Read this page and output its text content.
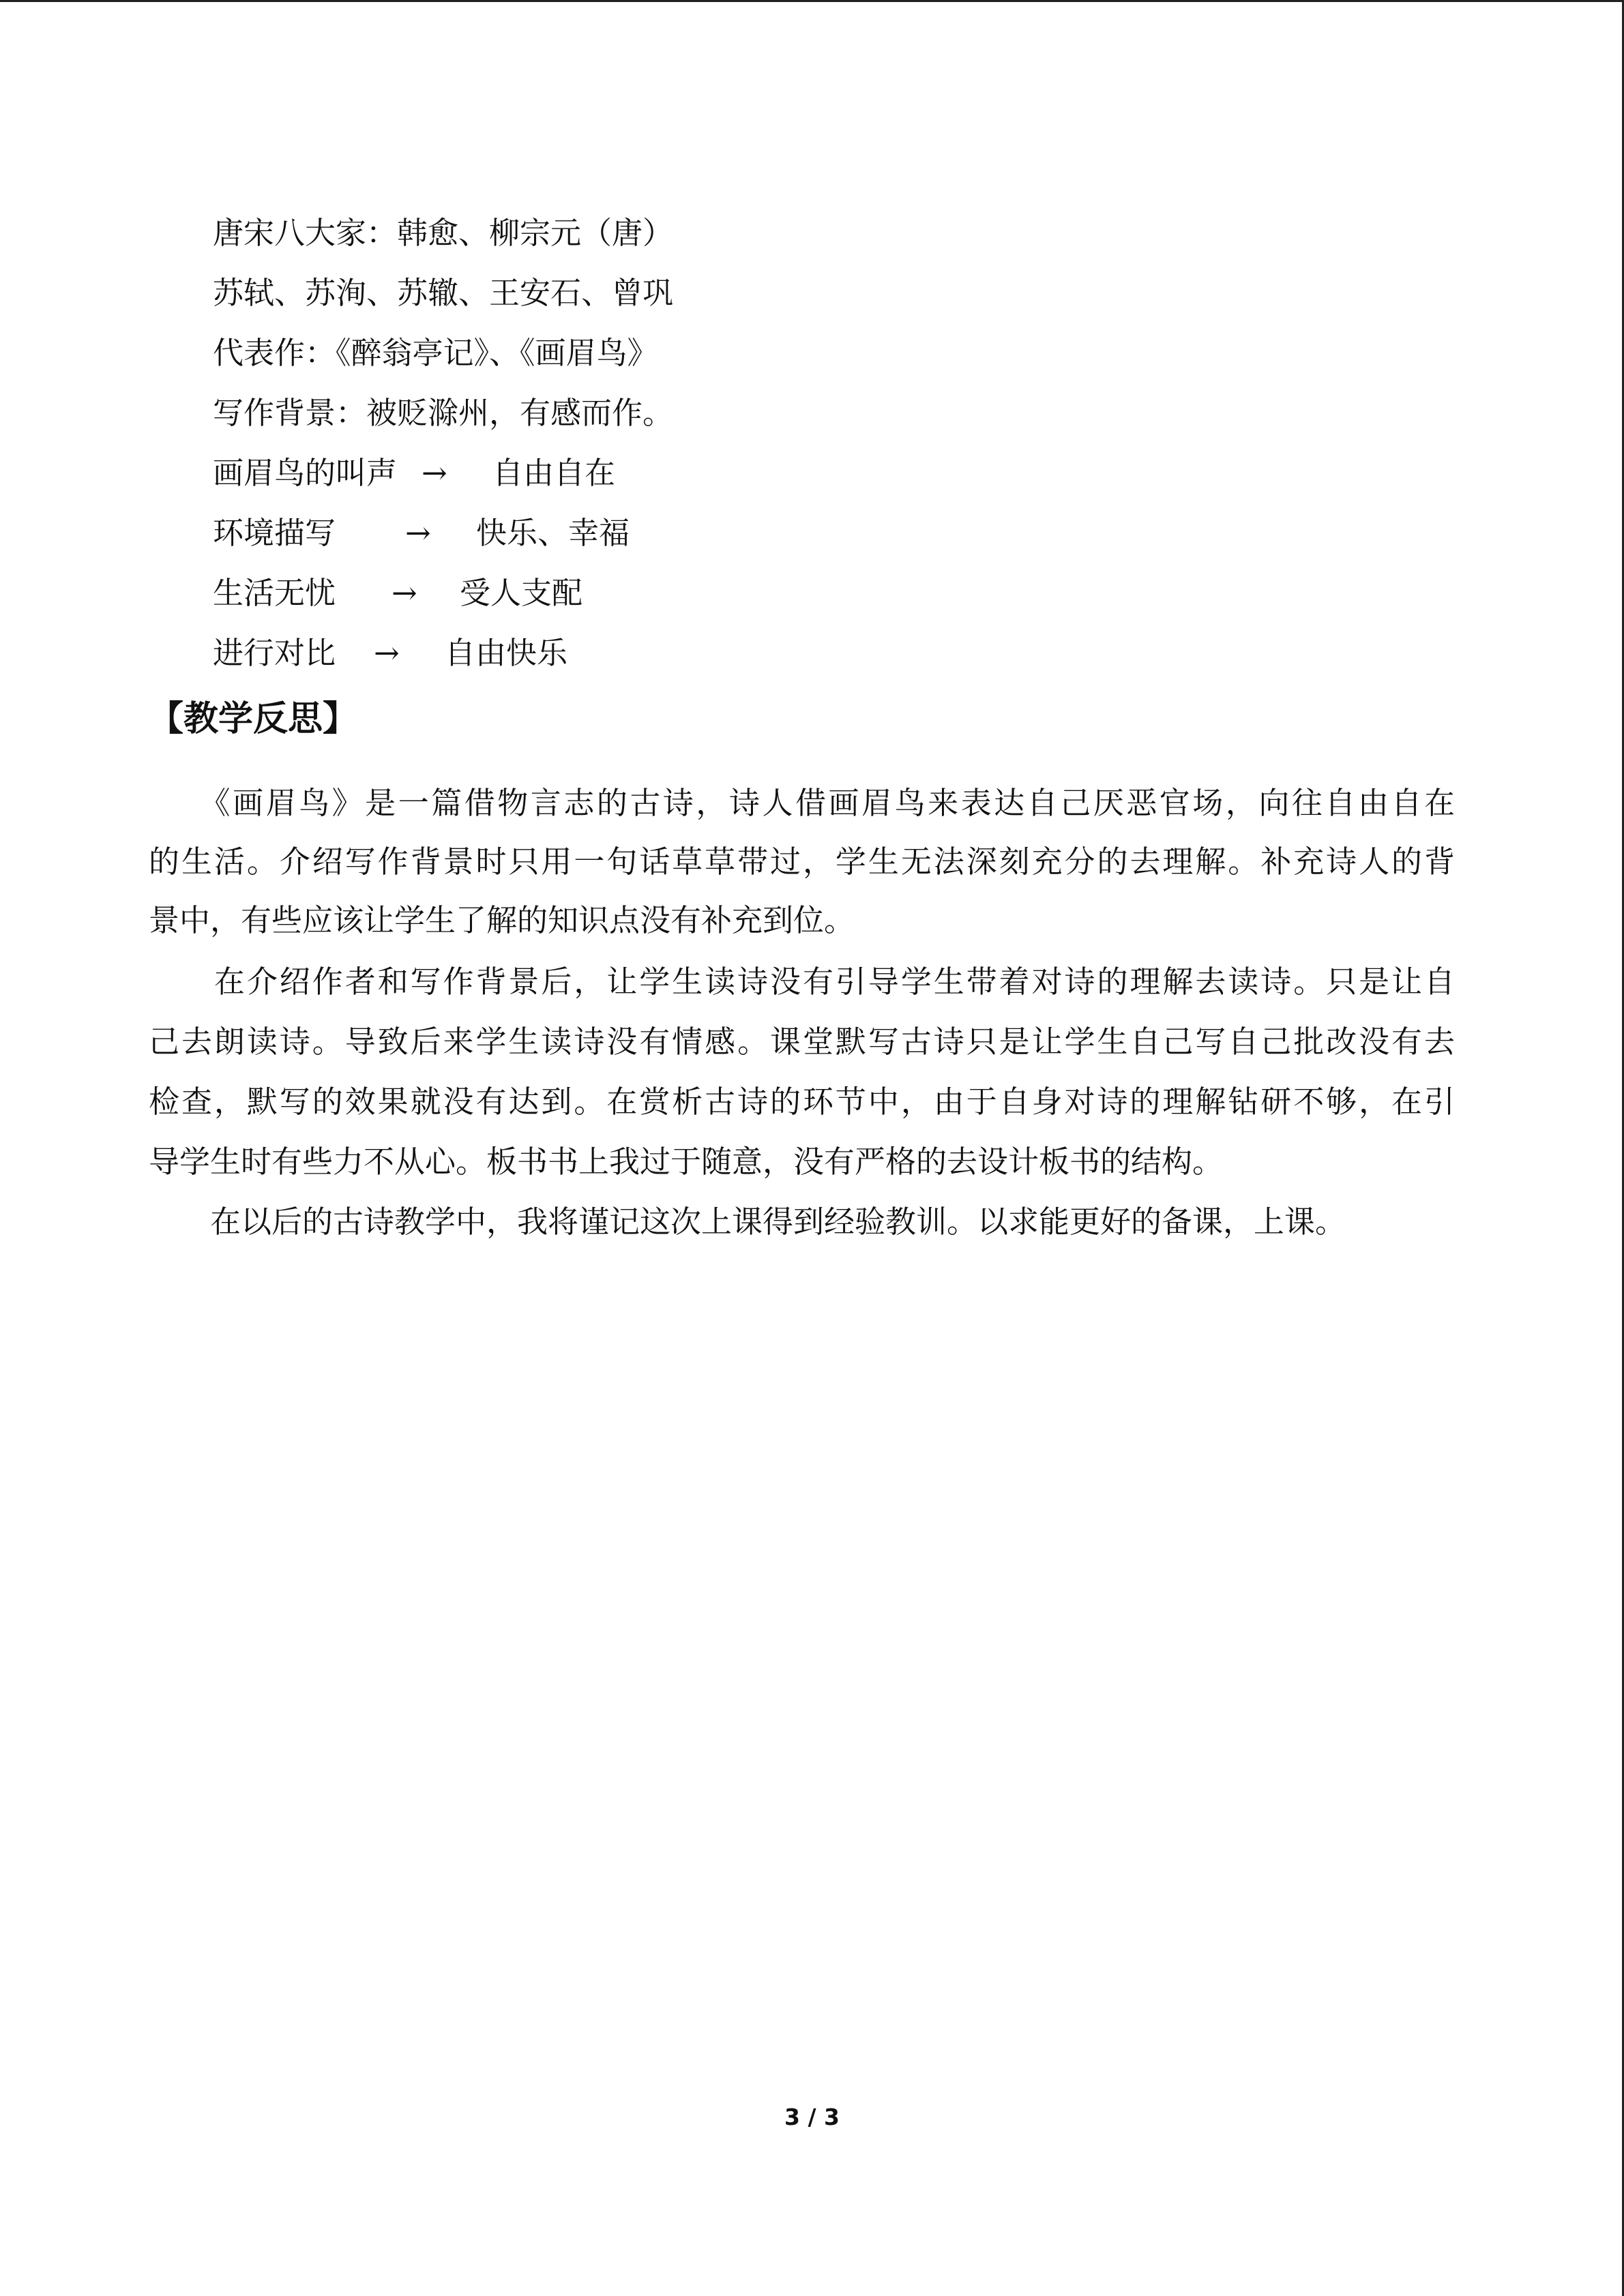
唐宋八大家：韩愈、柳宗元（唐）
苏轼、苏洵、苏辙、王安石、曾巩
代表作：《醉翁亭记》、《画眉鸟》
写作背景：被贬滁州，有感而作。
画眉鸟的叫声 → 自由自在
环境描写 → 快乐、幸福
生活无忧 → 受人支配
进行对比 → 自由快乐
【教学反思】
　　《画眉鸟》是一篇借物言志的古诗，诗人借画眉鸟来表达自己厌恶官场，向往自由自在
的生活。介绍写作背景时只用一句话草草带过，学生无法深刻充分的去理解。补充诗人的背
景中，有些应该让学生了解的知识点没有补充到位。
　　在介绍作者和写作背景后，让学生读诗没有引导学生带着对诗的理解去读诗。只是让自
己去朗读诗。导致后来学生读诗没有情感。课堂默写古诗只是让学生自己写自己批改没有去
检查，默写的效果就没有达到。在赏析古诗的环节中，由于自身对诗的理解钻研不够，在引
导学生时有些力不从心。板书书上我过于随意，没有严格的去设计板书的结构。
　　在以后的古诗教学中，我将谨记这次上课得到经验教训。以求能更好的备课，上课。
3 / 3
